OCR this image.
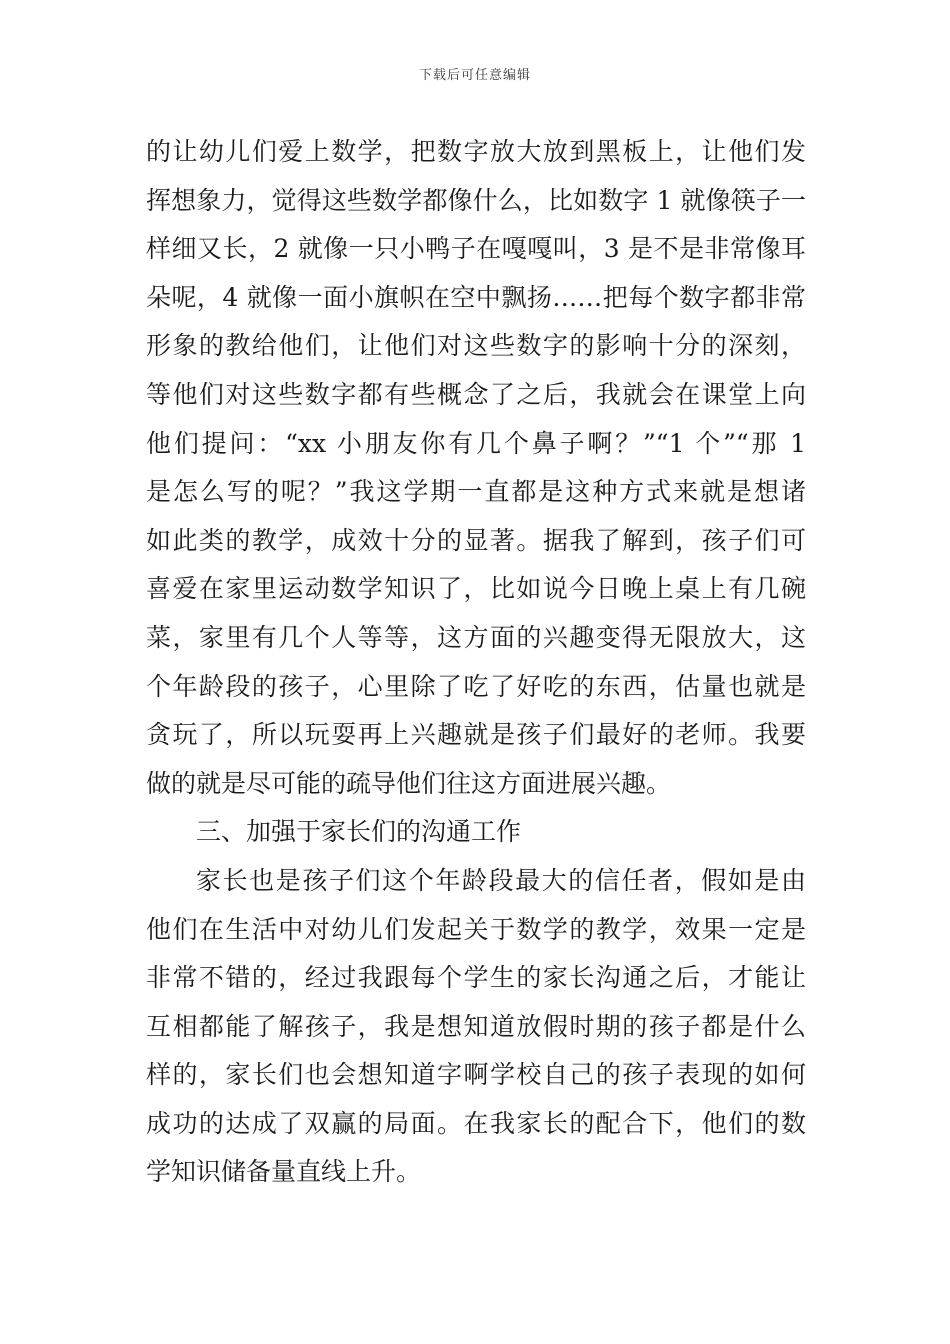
下载后可任意编辑
的让幼儿们爱上数学，把数字放大放到黑板上，让他们发
挥想象力，觉得这些数学都像什么，比如数字 1 就像筷子一
样细又长，2 就像一只小鸭子在嘎嘎叫，3 是不是非常像耳
朵呢，4 就像一面小旗帜在空中飘扬……把每个数字都非常
形象的教给他们，让他们对这些数字的影响十分的深刻，
等他们对这些数字都有些概念了之后，我就会在课堂上向
他们提问：“xx 小朋友你有几个鼻子啊？”“1 个”“那 1
是怎么写的呢？”我这学期一直都是这种方式来就是想诸
如此类的教学，成效十分的显著。据我了解到，孩子们可
喜爱在家里运动数学知识了，比如说今日晚上桌上有几碗
菜，家里有几个人等等，这方面的兴趣变得无限放大，这
个年龄段的孩子，心里除了吃了好吃的东西，估量也就是
贪玩了，所以玩耍再上兴趣就是孩子们最好的老师。我要
做的就是尽可能的疏导他们往这方面进展兴趣。
三、加强于家长们的沟通工作
家长也是孩子们这个年龄段最大的信任者，假如是由
他们在生活中对幼儿们发起关于数学的教学，效果一定是
非常不错的，经过我跟每个学生的家长沟通之后，才能让
互相都能了解孩子，我是想知道放假时期的孩子都是什么
样的，家长们也会想知道字啊学校自己的孩子表现的如何
成功的达成了双赢的局面。在我家长的配合下，他们的数
学知识储备量直线上升。
